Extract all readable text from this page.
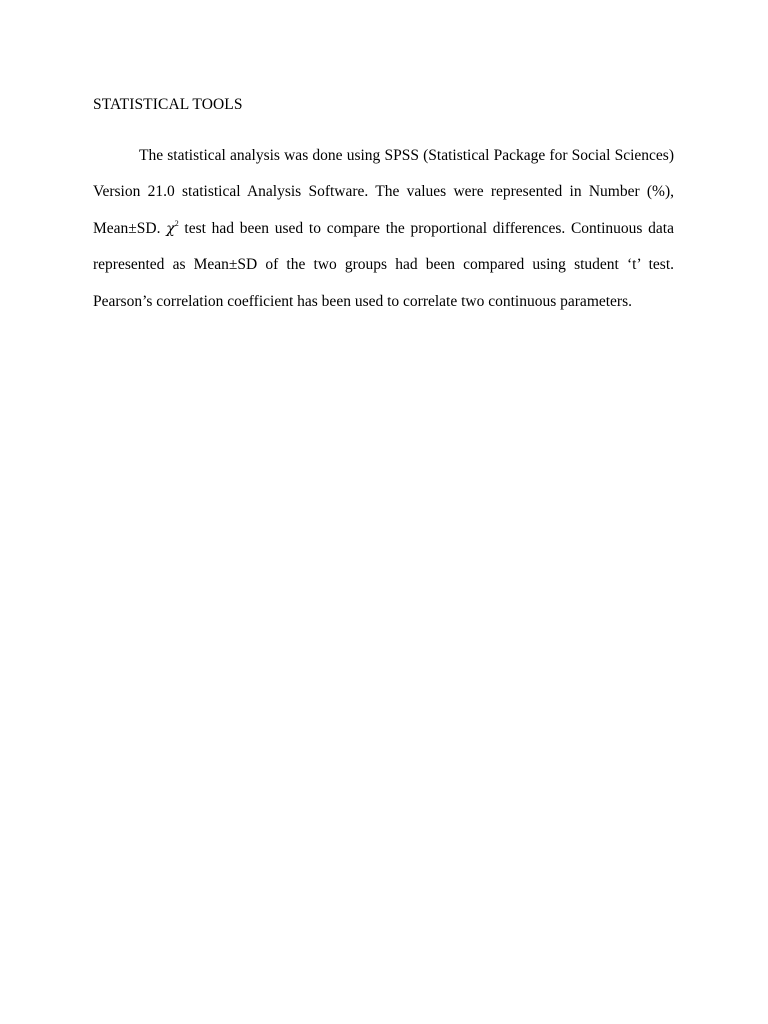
STATISTICAL TOOLS

The statistical analysis was done using SPSS (Statistical Package for Social Sciences) Version 21.0 statistical Analysis Software. The values were represented in Number (%), Mean±SD. $\chi^2$ test had been used to compare the proportional differences. Continuous data represented as Mean±SD of the two groups had been compared using student ‘t’ test. Pearson’s correlation coefficient has been used to correlate two continuous parameters.
